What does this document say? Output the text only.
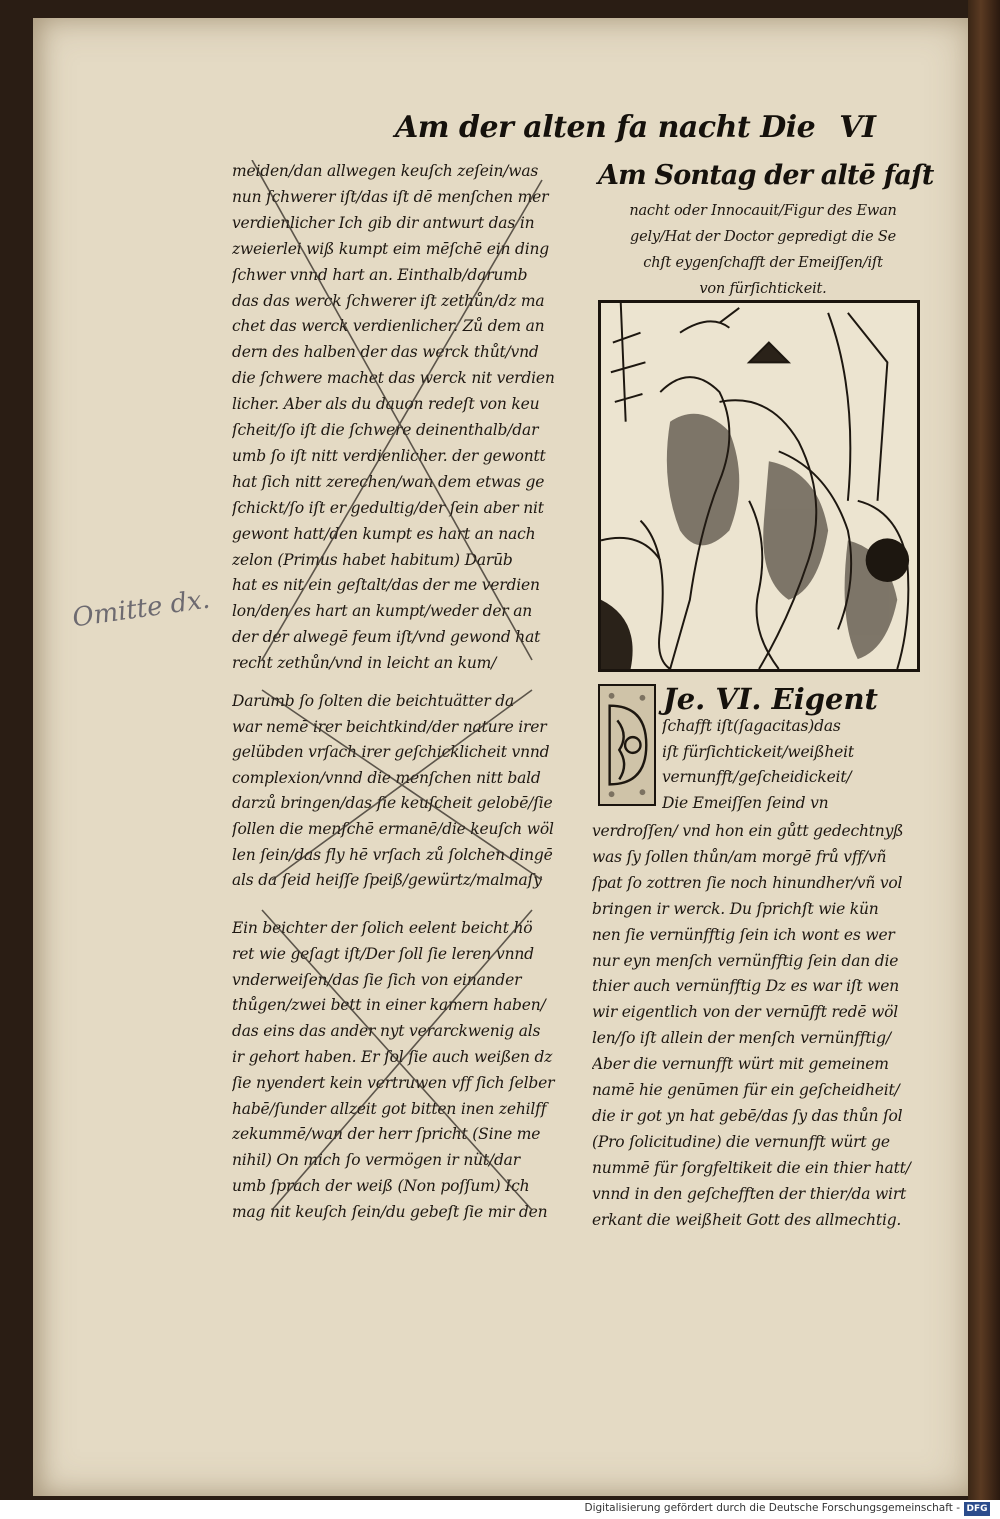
Am der alten fa nacht Die VI
Omitte dx.
meiden/dan allwegen keuſch zeſein/was
nun ſchwerer iſt/das iſt dē menſchen mer
verdienlicher Ich gib dir antwurt das in
zweierlei wiß kumpt eim mēſchē ein ding
ſchwer vnnd hart an. Einthalb/darumb
das das werck ſchwerer iſt zethůn/dz ma
chet das werck verdienlicher. Zů dem an
dern des halben der das werck thůt/vnd
die ſchwere machet das werck nit verdien
licher. Aber als du dauon redeſt von keu
ſcheit/ſo iſt die ſchwere deinenthalb/dar
umb ſo iſt nitt verdienlicher. der gewontt
hat ſich nitt zerechen/wan dem etwas ge
ſchickt/ſo iſt er gedultig/der ſein aber nit
gewont hatt/den kumpt es hart an nach
zelon (Primus habet habitum) Darūb
hat es nit ein geſtalt/das der me verdien
lon/den es hart an kumpt/weder der an
der der alwegē feum iſt/vnd gewond hat
recht zethůn/vnd in leicht an kum/
Darumb ſo ſolten die beichtuätter da
war nemē irer beichtkind/der nature irer
gelübden vrſach irer geſchicklicheit vnnd
complexion/vnnd die menſchen nitt bald
darzů bringen/das ſie keuſcheit gelobē/ſie
ſollen die menſchē ermanē/die keuſch wöl
len ſein/das fly hē vrſach zů ſolchen dingē
als da ſeid heiſſe ſpeiß/gewürtz/malmaſy
Ein beichter der ſolich eelent beicht hö
ret wie geſagt iſt/Der ſoll ſie leren vnnd
vnderweiſen/das ſie ſich von einander
thůgen/zwei bett in einer kamern haben/
das eins das ander nyt verarckwenig als
ir gehort haben. Er ſol ſie auch weißen dz
ſie nyendert kein vertruwen vff ſich ſelber
habē/ſunder allzeit got bitten inen zehilff
zekummē/wan der herr ſpricht (Sine me
nihil) On mich ſo vermögen ir nüt/dar
umb ſprach der weiß (Non poſſum) Ich
mag nit keuſch ſein/du gebeſt ſie mir den
Am Sontag der altē faſt
nacht oder Innocauit/Figur des Ewan
gely/Hat der Doctor gepredigt die Se
chſt eygenſchafft der Emeiſſen/iſt
von fürſichtickeit.
Je. VI. Eigent
ſchafft iſt(ſagacitas)das
iſt fürſichtickeit/weißheit
vernunfft/geſcheidickeit/
Die Emeiſſen ſeind vn
verdroſſen/ vnd hon ein gůtt gedechtnyß
was ſy ſollen thůn/am morgē frů vff/vñ
ſpat ſo zottren ſie noch hinundher/vñ vol
bringen ir werck. Du ſprichſt wie kün
nen ſie vernünfftig ſein ich wont es wer
nur eyn menſch vernünfftig ſein dan die
thier auch vernünfftig Dz es war iſt wen
wir eigentlich von der vernūfft redē wöl
len/ſo iſt allein der menſch vernünfftig/
Aber die vernunfft würt mit gemeinem
namē hie genūmen für ein geſcheidheit/
die ir got yn hat gebē/das ſy das thůn ſol
(Pro ſolicitudine) die vernunfft würt ge
nummē für ſorgfeltikeit die ein thier hatt/
vnnd in den geſchefften der thier/da wirt
erkant die weißheit Gott des allmechtig.
Digitalisierung gefördert durch die Deutsche Forschungsgemeinschaft - DFG
